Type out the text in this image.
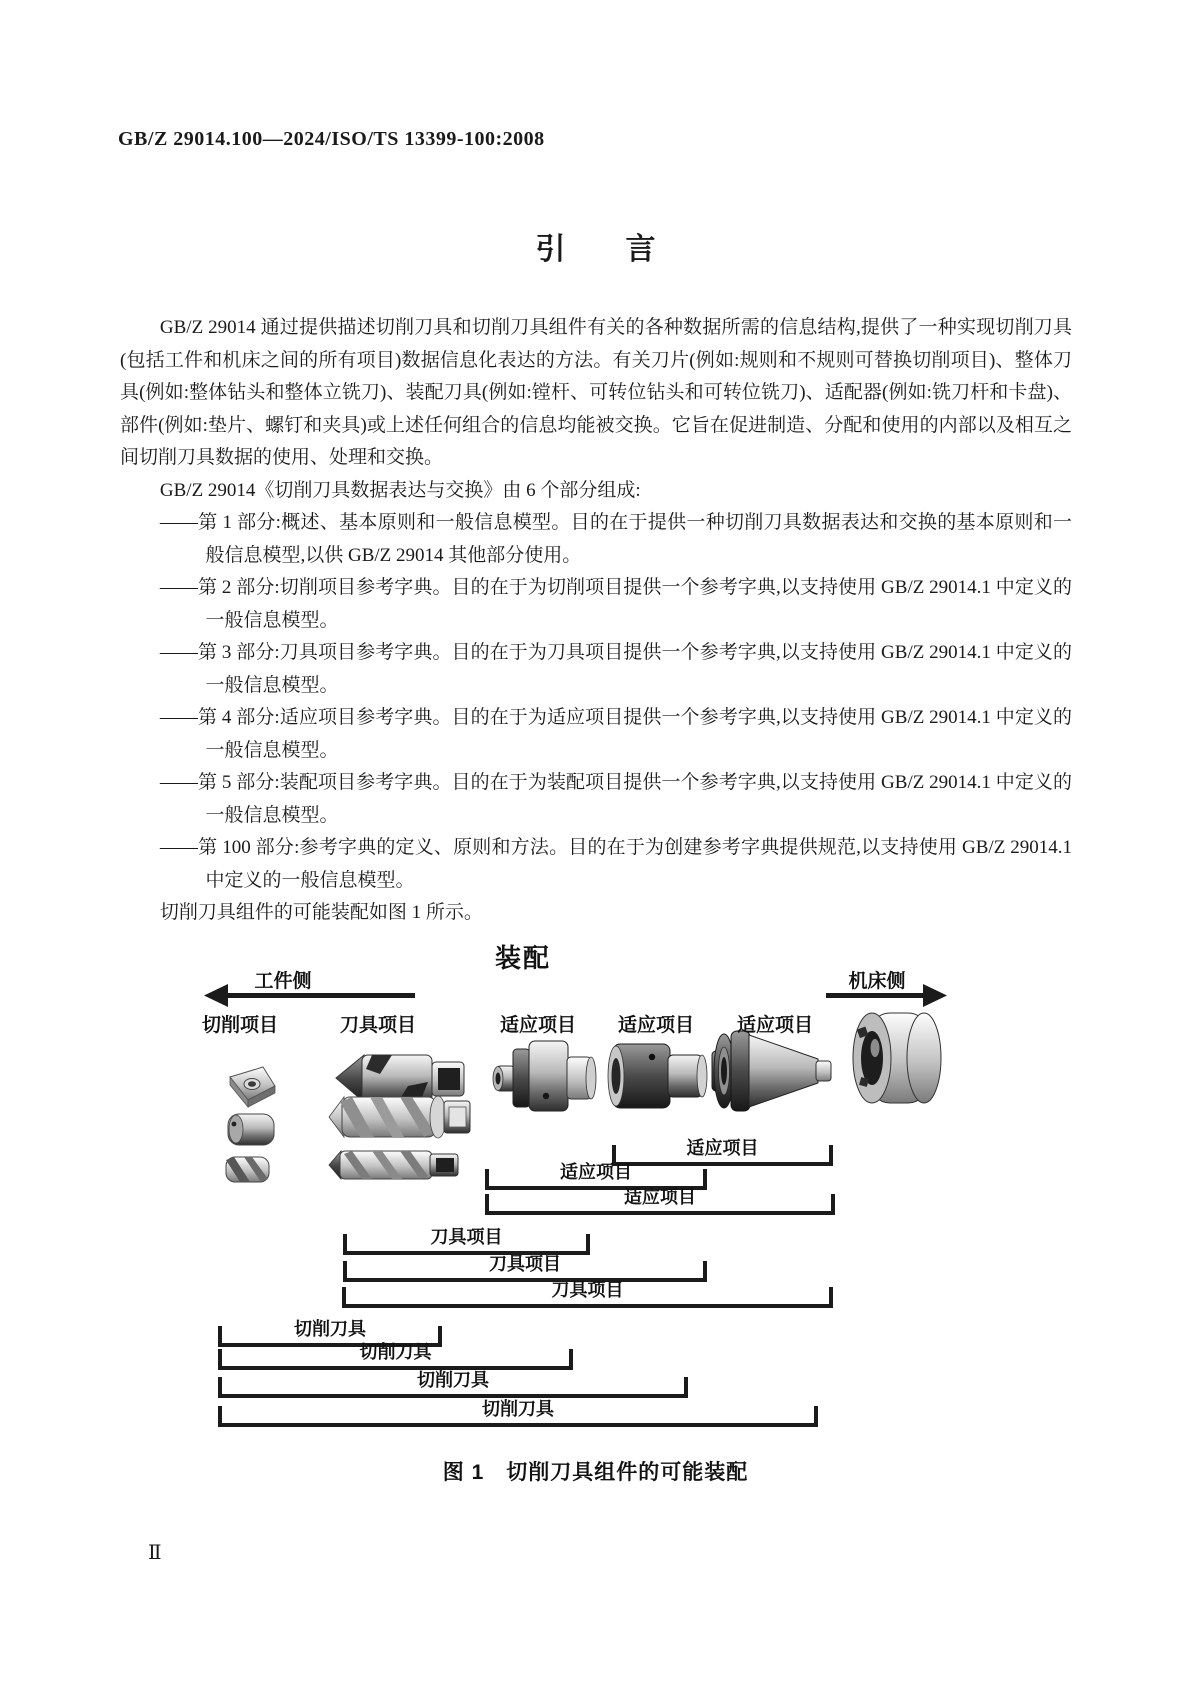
GB/Z 29014.100—2024/ISO/TS 13399-100:2008
引　　言

GB/Z 29014 通过提供描述切削刀具和切削刀具组件有关的各种数据所需的信息结构,提供了一种实现切削刀具(包括工件和机床之间的所有项目)数据信息化表达的方法。有关刀片(例如:规则和不规则可替换切削项目)、整体刀具(例如:整体钻头和整体立铣刀)、装配刀具(例如:镗杆、可转位钻头和可转位铣刀)、适配器(例如:铣刀杆和卡盘)、部件(例如:垫片、螺钉和夹具)或上述任何组合的信息均能被交换。它旨在促进制造、分配和使用的内部以及相互之间切削刀具数据的使用、处理和交换。

GB/Z 29014《切削刀具数据表达与交换》由 6 个部分组成:

——第 1 部分:概述、基本原则和一般信息模型。目的在于提供一种切削刀具数据表达和交换的基本原则和一般信息模型,以供 GB/Z 29014 其他部分使用。
——第 2 部分:切削项目参考字典。目的在于为切削项目提供一个参考字典,以支持使用 GB/Z 29014.1 中定义的一般信息模型。
——第 3 部分:刀具项目参考字典。目的在于为刀具项目提供一个参考字典,以支持使用 GB/Z 29014.1 中定义的一般信息模型。
——第 4 部分:适应项目参考字典。目的在于为适应项目提供一个参考字典,以支持使用 GB/Z 29014.1 中定义的一般信息模型。
——第 5 部分:装配项目参考字典。目的在于为装配项目提供一个参考字典,以支持使用 GB/Z 29014.1 中定义的一般信息模型。
——第 100 部分:参考字典的定义、原则和方法。目的在于为创建参考字典提供规范,以支持使用 GB/Z 29014.1 中定义的一般信息模型。

切削刀具组件的可能装配如图 1 所示。

装配
工件侧	机床侧
图 1　切削刀具组件的可能装配
切削项目	刀具项目	适应项目 适应项目 适应项目
适应项目
适应项目
适应项目
刀具项目
刀具项目
刀具项目
切削刀具
切削刀具
切削刀具
切削刀具
Ⅱ
